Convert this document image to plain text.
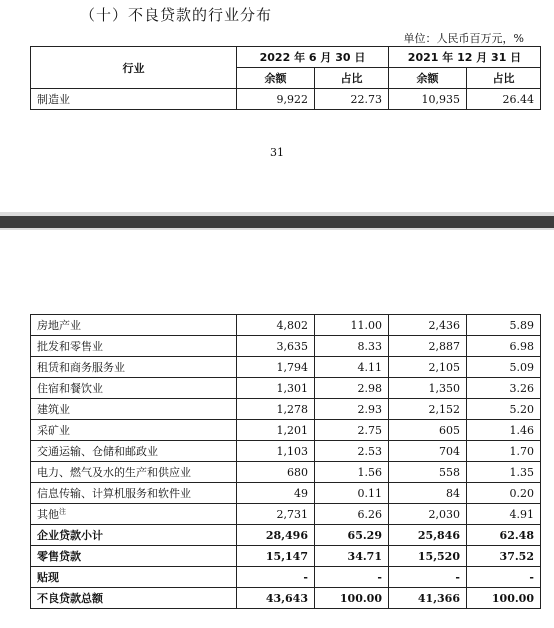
（十）不良贷款的行业分布
单位：人民币百万元，%
行业	2022 年 6 月 30 日		2021 年 12 月 31 日	
	余额	占比	余额	占比
制造业	9,922	22.73	10,935	26.44
31
房地产业	4,802	11.00	2,436	5.89
批发和零售业	3,635	8.33	2,887	6.98
租赁和商务服务业	1,794	4.11	2,105	5.09
住宿和餐饮业	1,301	2.98	1,350	3.26
建筑业	1,278	2.93	2,152	5.20
采矿业	1,201	2.75	605	1.46
交通运输、仓储和邮政业	1,103	2.53	704	1.70
电力、燃气及水的生产和供应业	680	1.56	558	1.35
信息传输、计算机服务和软件业	49	0.11	84	0.20
其他$^注$	2,731	6.26	2,030	4.91
企业贷款小计	28,496	65.29	25,846	62.48
零售贷款	15,147	34.71	15,520	37.52
贴现	-	-	-	-
不良贷款总额	43,643	100.00	41,366	100.00
